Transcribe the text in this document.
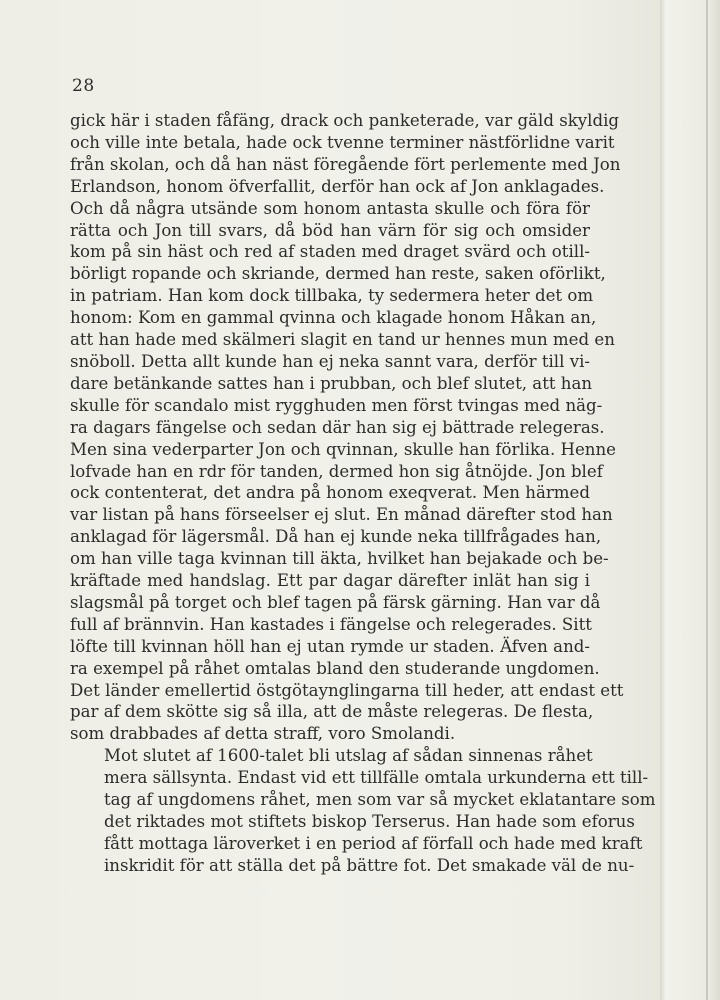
28

gick här i staden fåfäng, drack och panketerade, var gäld skyldig
och ville inte betala, hade ock tvenne terminer nästförlidne varit
från skolan, och då han näst föregående fört perlemente med Jon
Erlandson, honom öfverfallit, derför han ock af Jon anklagades.
Och då några utsände som honom antasta skulle och föra för
rätta och Jon till svars, då böd han värn för sig och omsider
kom på sin häst och red af staden med draget svärd och otill-
börligt ropande och skriande, dermed han reste, saken oförlikt,
in patriam. Han kom dock tillbaka, ty sedermera heter det om
honom: Kom en gammal qvinna och klagade honom Håkan an,
att han hade med skälmeri slagit en tand ur hennes mun med en
snöboll. Detta allt kunde han ej neka sannt vara, derför till vi-
dare betänkande sattes han i prubban, och blef slutet, att han
skulle för scandalo mist rygghuden men först tvingas med näg-
ra dagars fängelse och sedan där han sig ej bättrade relegeras.
Men sina vederparter Jon och qvinnan, skulle han förlika. Henne
lofvade han en rdr för tanden, dermed hon sig åtnöjde. Jon blef
ock contenterat, det andra på honom exeqverat. Men härmed
var listan på hans förseelser ej slut. En månad därefter stod han
anklagad för lägersmål. Då han ej kunde neka tillfrågades han,
om han ville taga kvinnan till äkta, hvilket han bejakade och be-
kräftade med handslag. Ett par dagar därefter inlät han sig i
slagsmål på torget och blef tagen på färsk gärning. Han var då
full af brännvin. Han kastades i fängelse och relegerades. Sitt
löfte till kvinnan höll han ej utan rymde ur staden. Äfven and-
ra exempel på råhet omtalas bland den studerande ungdomen.
Det länder emellertid östgötaynglingarna till heder, att endast ett
par af dem skötte sig så illa, att de måste relegeras. De flesta,
som drabbades af detta straff, voro Smolandi.

Mot slutet af 1600-talet bli utslag af sådan sinnenas råhet
mera sällsynta. Endast vid ett tillfälle omtala urkunderna ett till-
tag af ungdomens råhet, men som var så mycket eklatantare som
det riktades mot stiftets biskop Terserus. Han hade som eforus
fått mottaga läroverket i en period af förfall och hade med kraft
inskridit för att ställa det på bättre fot. Det smakade väl de nu-
